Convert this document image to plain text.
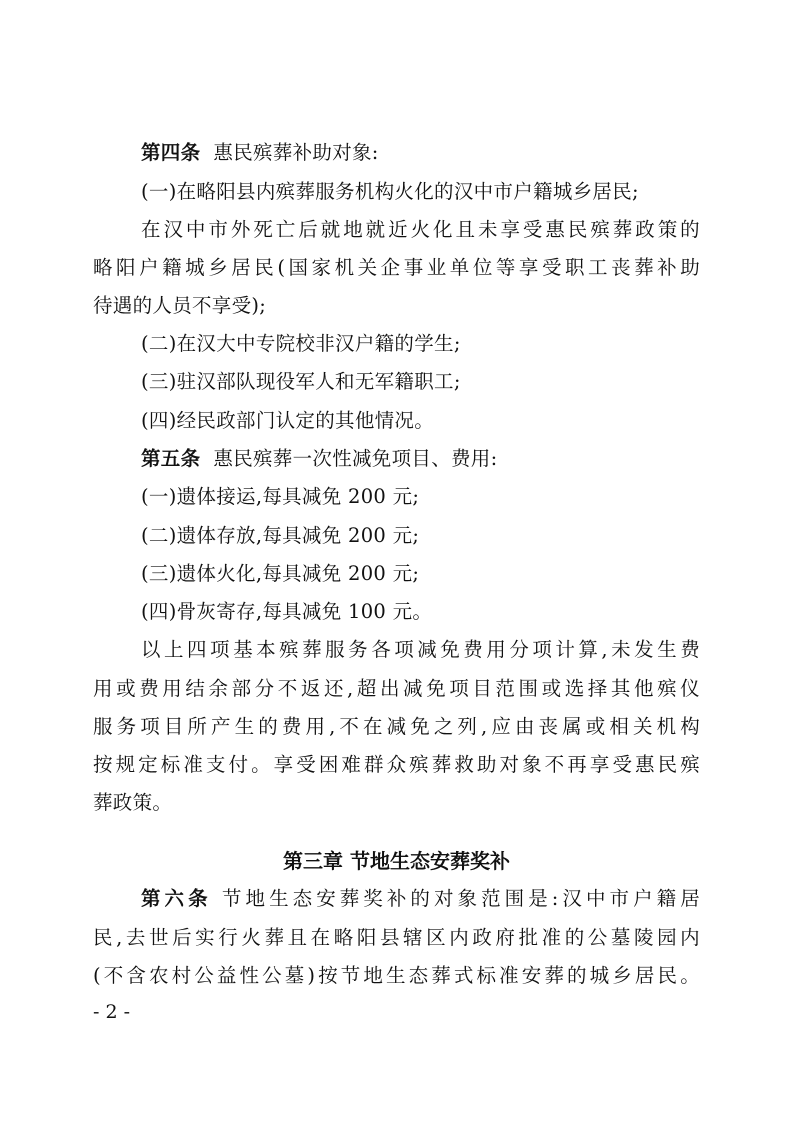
第四条 惠民殡葬补助对象:
(一)在略阳县内殡葬服务机构火化的汉中市户籍城乡居民;
在汉中市外死亡后就地就近火化且未享受惠民殡葬政策的
略阳户籍城乡居民(国家机关企事业单位等享受职工丧葬补助
待遇的人员不享受);
(二)在汉大中专院校非汉户籍的学生;
(三)驻汉部队现役军人和无军籍职工;
(四)经民政部门认定的其他情况。
第五条 惠民殡葬一次性减免项目、费用:
(一)遗体接运,每具减免 200 元;
(二)遗体存放,每具减免 200 元;
(三)遗体火化,每具减免 200 元;
(四)骨灰寄存,每具减免 100 元。
以上四项基本殡葬服务各项减免费用分项计算,未发生费
用或费用结余部分不返还,超出减免项目范围或选择其他殡仪
服务项目所产生的费用,不在减免之列,应由丧属或相关机构
按规定标准支付。享受困难群众殡葬救助对象不再享受惠民殡
葬政策。
第三章 节地生态安葬奖补
第六条 节地生态安葬奖补的对象范围是:汉中市户籍居
民,去世后实行火葬且在略阳县辖区内政府批准的公墓陵园内
(不含农村公益性公墓)按节地生态葬式标准安葬的城乡居民。
- 2 -
